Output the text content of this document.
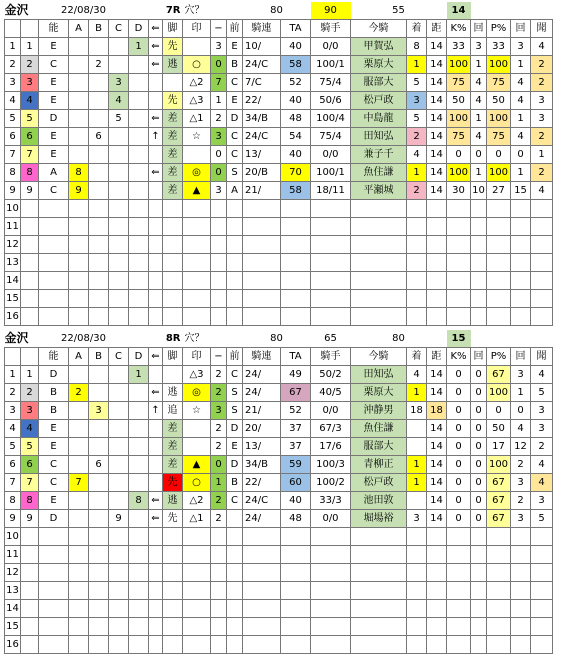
金沢		22/08/30				7R			穴？			80		90	55			14				
		能	A	B	C	D	⇐	脚	印	−	前	騎連	TA	騎手	今騎	着	距	K%	回	P%	回	聞
1	1	E				1	⇐	先		3	E	10/	40	0/0	甲賀弘	8	14	33	3	33	3	4
2	2	C		2			⇐	逃	○	0	B	24/C	58	100/1	栗原大	1	14	100	1	100	1	2
3	3	E			3				△2	7	C	7/C	52	75/4	服部大	5	14	75	4	75	4	2
4	4	E			4			先	△3	1	E	22/	40	50/6	松戸政	3	14	50	4	50	4	3
5	5	D			5		⇐	差	△1	2	D	34/B	48	100/4	中島龍	5	14	100	1	100	1	3
6	6	E		6			↑	差	☆	3	C	24/C	54	75/4	田知弘	2	14	75	4	75	4	2
7	7	E						差		0	C	13/	40	0/0	兼子千	4	14	0	0	0	0	1
8	8	A	8				⇐	差	◎	0	S	20/B	70	100/1	魚住謙	1	14	100	1	100	1	2
9	9	C	9					差	▲	3	A	21/	58	18/11	平瀬城	2	14	30	10	27	15	4
10																						
11																						
12																						
13																						
14																						
15																						
16																						
金沢		22/08/30				8R			穴？			80		65	80			15				
		能	A	B	C	D	⇐	脚	印	−	前	騎連	TA	騎手	今騎	着	距	K%	回	P%	回	聞
1	1	D				1			△3	2	C	24/	49	50/2	田知弘	4	14	0	0	67	3	4
2	2	B	2				⇐	逃	◎	2	S	24/	67	40/5	栗原大	1	14	0	0	100	1	5
3	3	B		3			↑	追	☆	3	S	21/	52	0/0	沖静男	18	18	0	0	0	0	3
4	4	E						差		2	D	20/	37	67/3	魚住謙		14	0	0	50	4	3
5	5	E						差		2	E	13/	37	17/6	服部大		14	0	0	17	12	2
6	6	C		6				差	▲	0	D	34/B	59	100/3	青柳正	1	14	0	0	100	2	4
7	7	C	7					先	○	1	B	22/	60	100/2	松戸政	1	14	0	0	67	3	4
8	8	E				8	⇐	逃	△2	2	C	24/C	40	33/3	池田敦		14	0	0	67	2	3
9	9	D			9		⇐	先	△1	2		24/	48	0/0	堀場裕	3	14	0	0	67	3	5
10																						
11																						
12																						
13																						
14																						
15																						
16																						
